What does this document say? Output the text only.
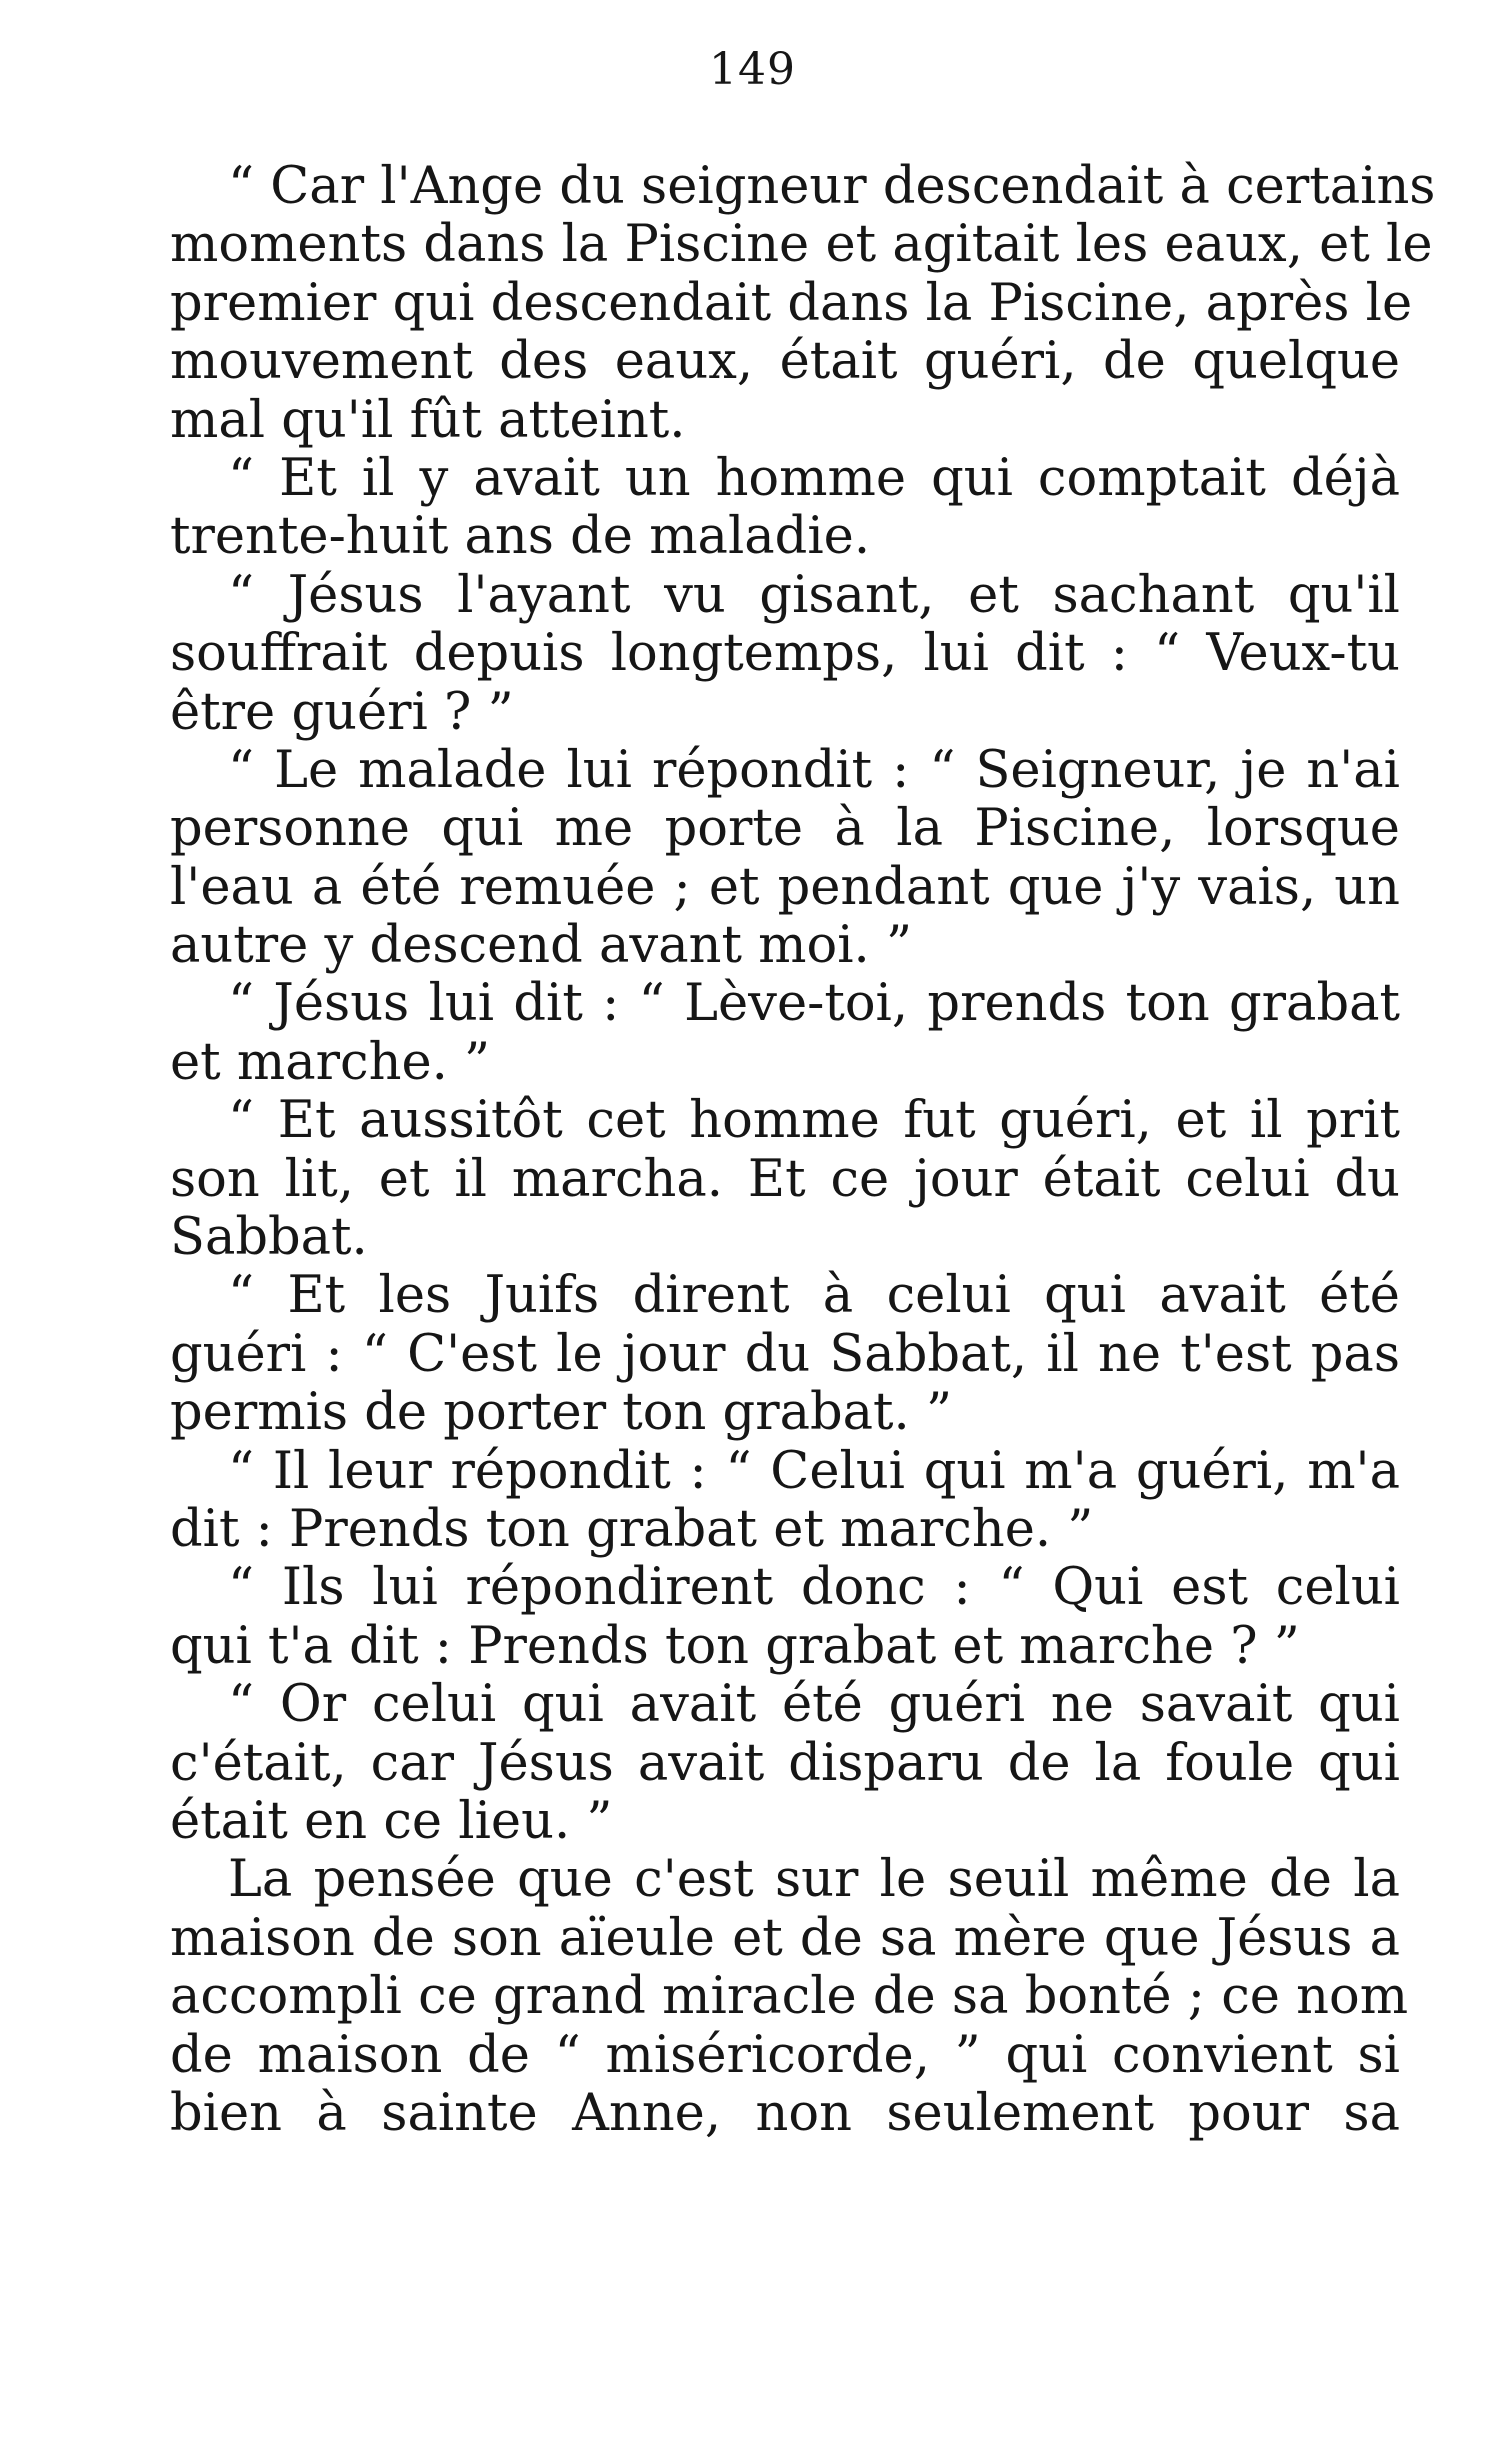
149
“ Car l'Ange du seigneur descendait à certains
moments dans la Piscine et agitait les eaux, et le
premier qui descendait dans la Piscine, après le
mouvement des eaux, était guéri, de quelque
mal qu'il fût atteint.
“ Et il y avait un homme qui comptait déjà
trente-huit ans de maladie.
“ Jésus l'ayant vu gisant, et sachant qu'il
souffrait depuis longtemps, lui dit : “ Veux-tu
être guéri ? ”
“ Le malade lui répondit : “ Seigneur, je n'ai
personne qui me porte à la Piscine, lorsque
l'eau a été remuée ; et pendant que j'y vais, un
autre y descend avant moi. ”
“ Jésus lui dit : “ Lève-toi, prends ton grabat
et marche. ”
“ Et aussitôt cet homme fut guéri, et il prit
son lit, et il marcha. Et ce jour était celui du
Sabbat.
“ Et les Juifs dirent à celui qui avait été
guéri : “ C'est le jour du Sabbat, il ne t'est pas
permis de porter ton grabat. ”
“ Il leur répondit : “ Celui qui m'a guéri, m'a
dit : Prends ton grabat et marche. ”
“ Ils lui répondirent donc : “ Qui est celui
qui t'a dit : Prends ton grabat et marche ? ”
“ Or celui qui avait été guéri ne savait qui
c'était, car Jésus avait disparu de la foule qui
était en ce lieu. ”
La pensée que c'est sur le seuil même de la
maison de son aïeule et de sa mère que Jésus a
accompli ce grand miracle de sa bonté ; ce nom
de maison de “ miséricorde, ” qui convient si
bien à sainte Anne, non seulement pour sa
